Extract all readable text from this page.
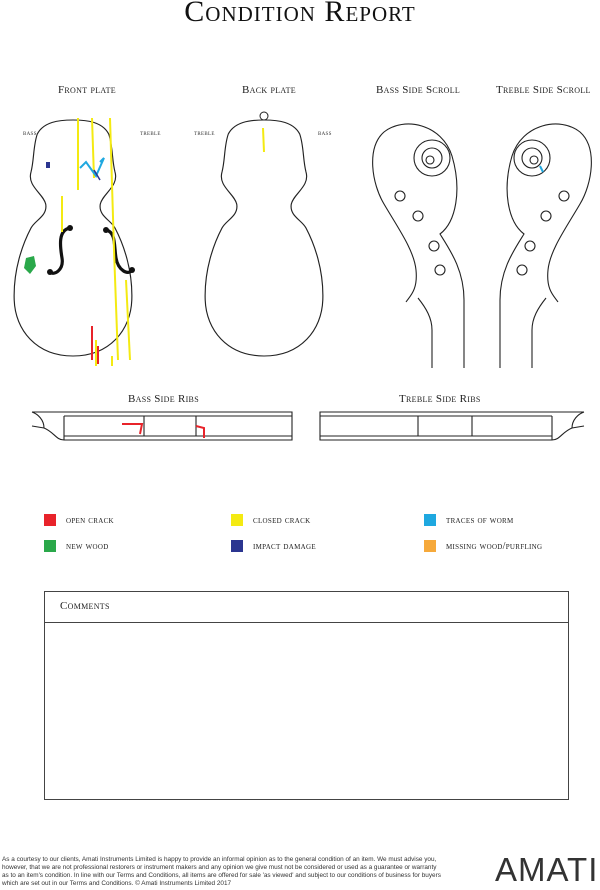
Condition Report
Front plate
bass	treble
Back plate
treble	bass
Bass Side Scroll	Treble Side Scroll
Bass Side Ribs	Treble Side Ribs
open crack	closed crack	traces of worm
new wood	impact damage	missing wood/purfling
Comments
As a courtesy to our clients, Amati Instruments Limited is happy to provide an informal opinion as to the general condition of an item. We must advise you, however, that we are not professional restorers or instrument makers and any opinion we give must not be considered or used as a guarantee or warranty as to an item's condition. In line with our Terms and Conditions, all items are offered for sale 'as viewed' and subject to our conditions of business for buyers which are set out in our Terms and Conditions. © Amati Instruments Limited 2017	AMATI
